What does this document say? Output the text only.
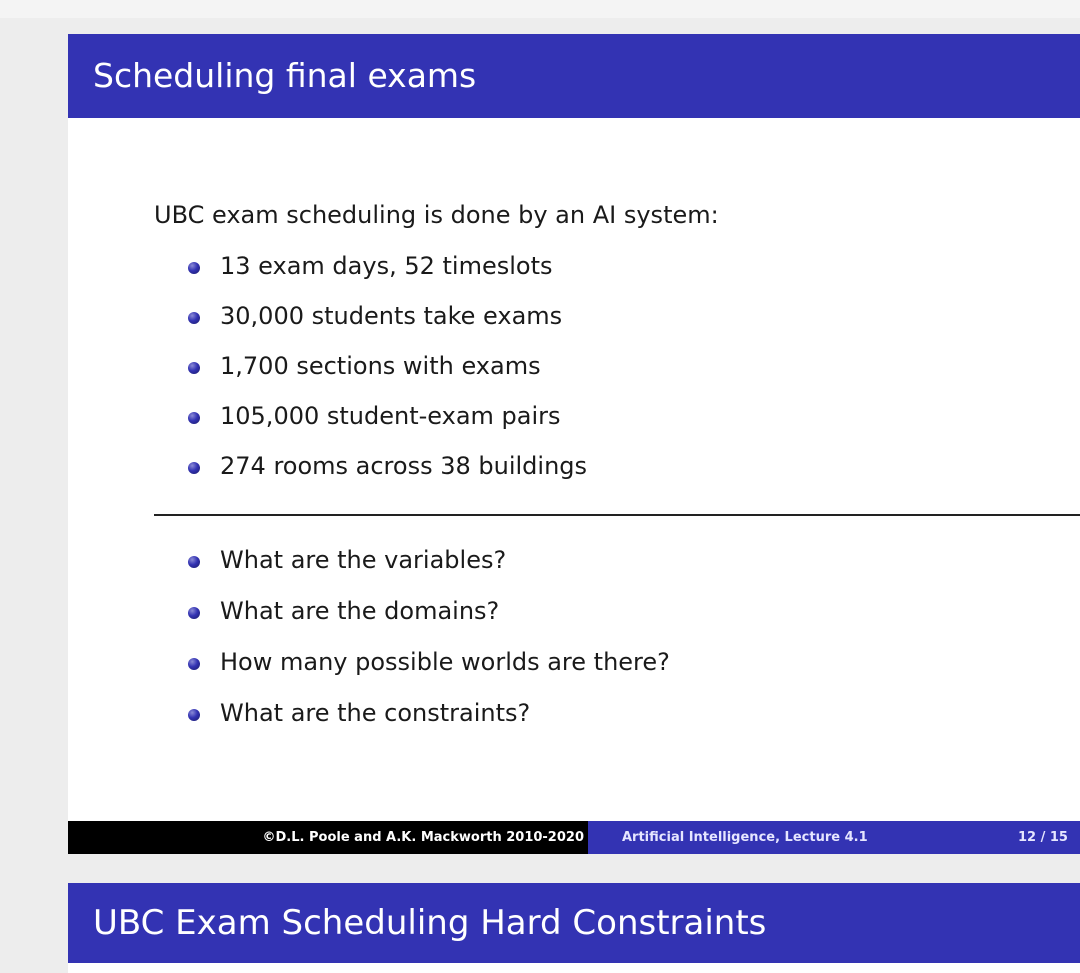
Scheduling final exams
UBC exam scheduling is done by an AI system:
13 exam days, 52 timeslots
30,000 students take exams
1,700 sections with exams
105,000 student-exam pairs
274 rooms across 38 buildings
What are the variables?
What are the domains?
How many possible worlds are there?
What are the constraints?
©D.L. Poole and A.K. Mackworth 2010-2020	Artificial Intelligence, Lecture 4.1	12 / 15
UBC Exam Scheduling Hard Constraints
